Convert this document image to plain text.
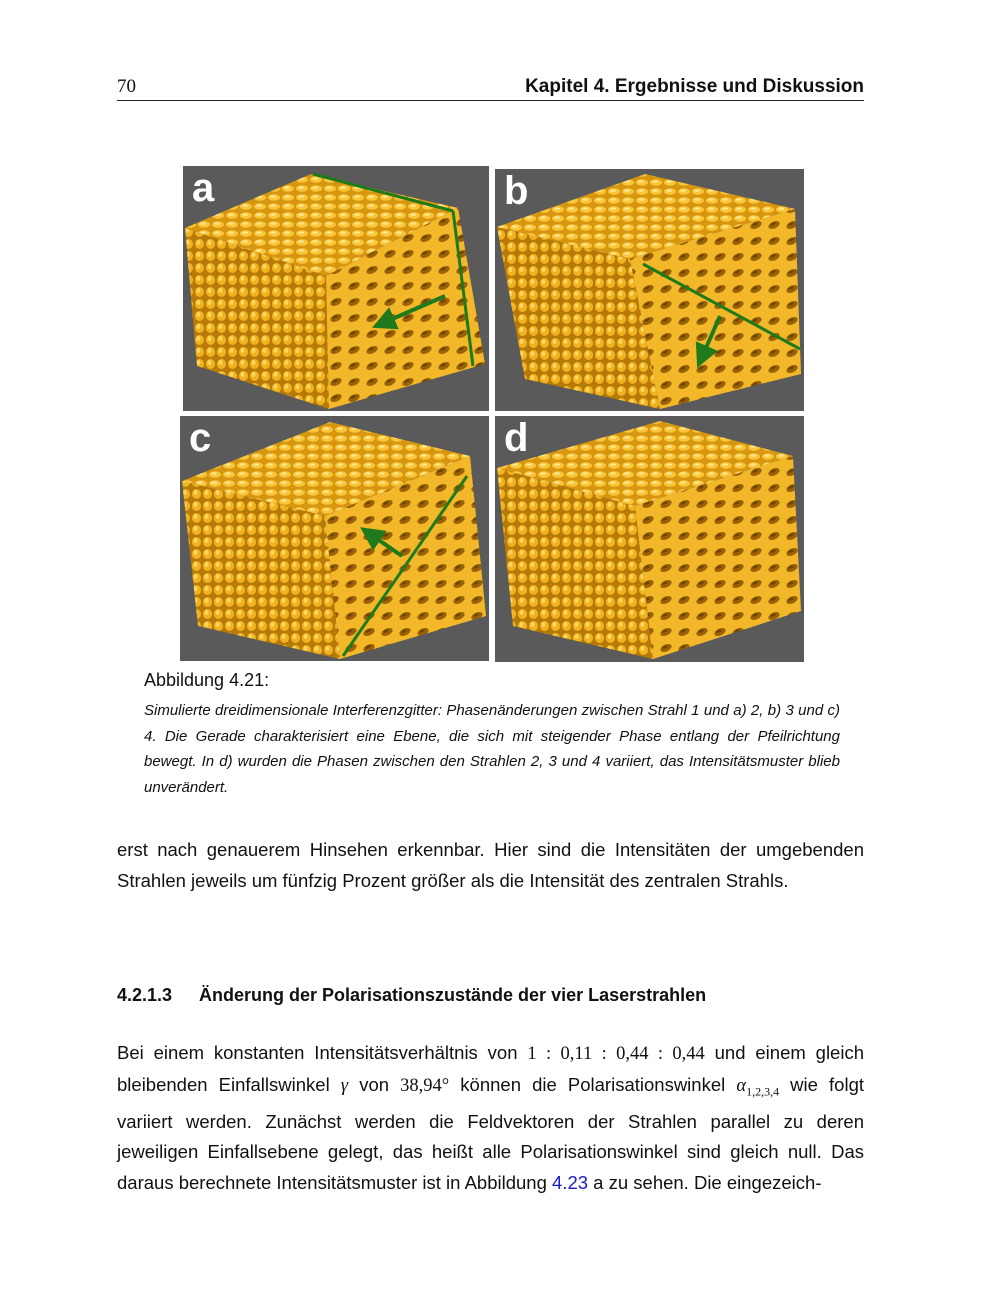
70	Kapitel 4. Ergebnisse und Diskussion
a	b
c	d
Abbildung 4.21:
Simulierte dreidimensionale Interferenzgitter: Phasenänderungen zwischen Strahl 1 und a) 2, b) 3 und c) 4. Die Gerade charakterisiert eine Ebene, die sich mit steigender Phase entlang der Pfeilrichtung bewegt. In d) wurden die Phasen zwischen den Strahlen 2, 3 und 4 variiert, das Intensitätsmuster blieb unverändert.
erst nach genauerem Hinsehen erkennbar. Hier sind die Intensitäten der umgebenden Strahlen jeweils um fünfzig Prozent größer als die Intensität des zentralen Strahls.
4.2.1.3 Änderung der Polarisationszustände der vier Laserstrahlen
Bei einem konstanten Intensitätsverhältnis von 1 : 0,11 : 0,44 : 0,44 und einem gleich bleibenden Einfallswinkel γ von 38,94° können die Polarisationswinkel $\alpha_{1,2,3,4}$ wie folgt variiert werden. Zunächst werden die Feldvektoren der Strahlen parallel zu deren jeweiligen Einfallsebene gelegt, das heißt alle Polarisationswinkel sind gleich null. Das daraus berechnete Intensitätsmuster ist in Abbildung 4.23 a zu sehen. Die eingezeich-
